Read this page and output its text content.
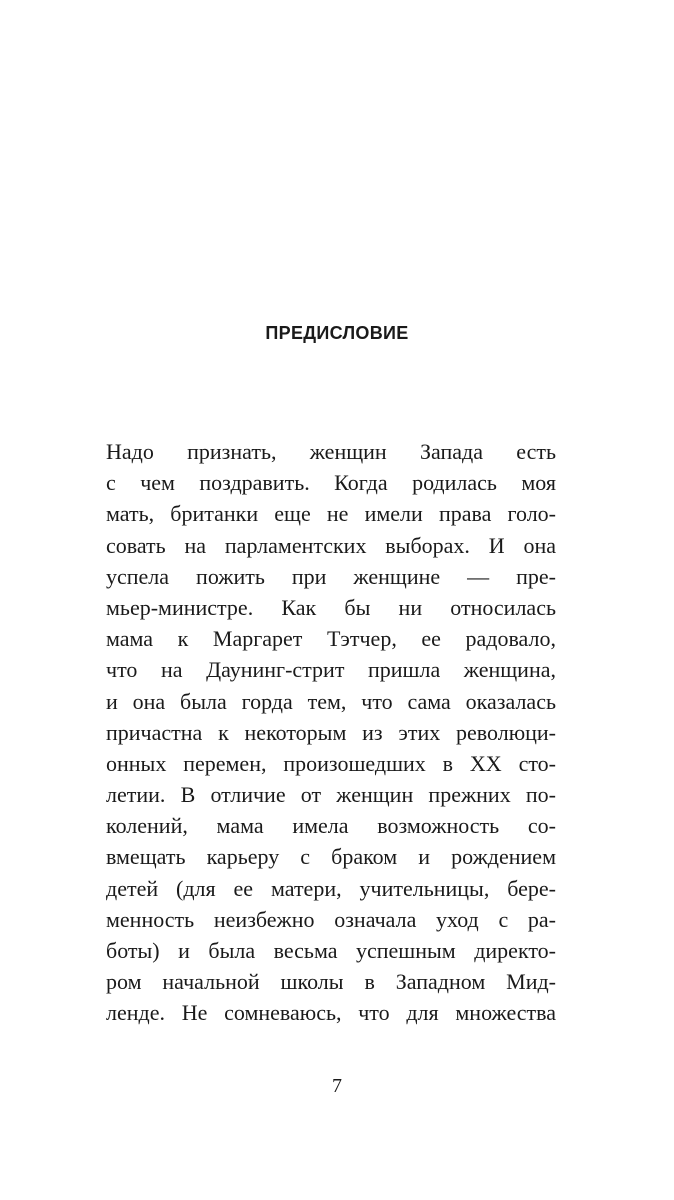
ПРЕДИСЛОВИЕ
Надо признать, женщин Запада есть
с чем поздравить. Когда родилась моя
мать, британки еще не имели права голо-
совать на парламентских выборах. И она
успела пожить при женщине — пре-
мьер-министре. Как бы ни относилась
мама к Маргарет Тэтчер, ее радовало,
что на Даунинг-стрит пришла женщина,
и она была горда тем, что сама оказалась
причастна к некоторым из этих революци-
онных перемен, произошедших в XX сто-
летии. В отличие от женщин прежних по-
колений, мама имела возможность со-
вмещать карьеру с браком и рождением
детей (для ее матери, учительницы, бере-
менность неизбежно означала уход с ра-
боты) и была весьма успешным директо-
ром начальной школы в Западном Мид-
ленде. Не сомневаюсь, что для множества
7
